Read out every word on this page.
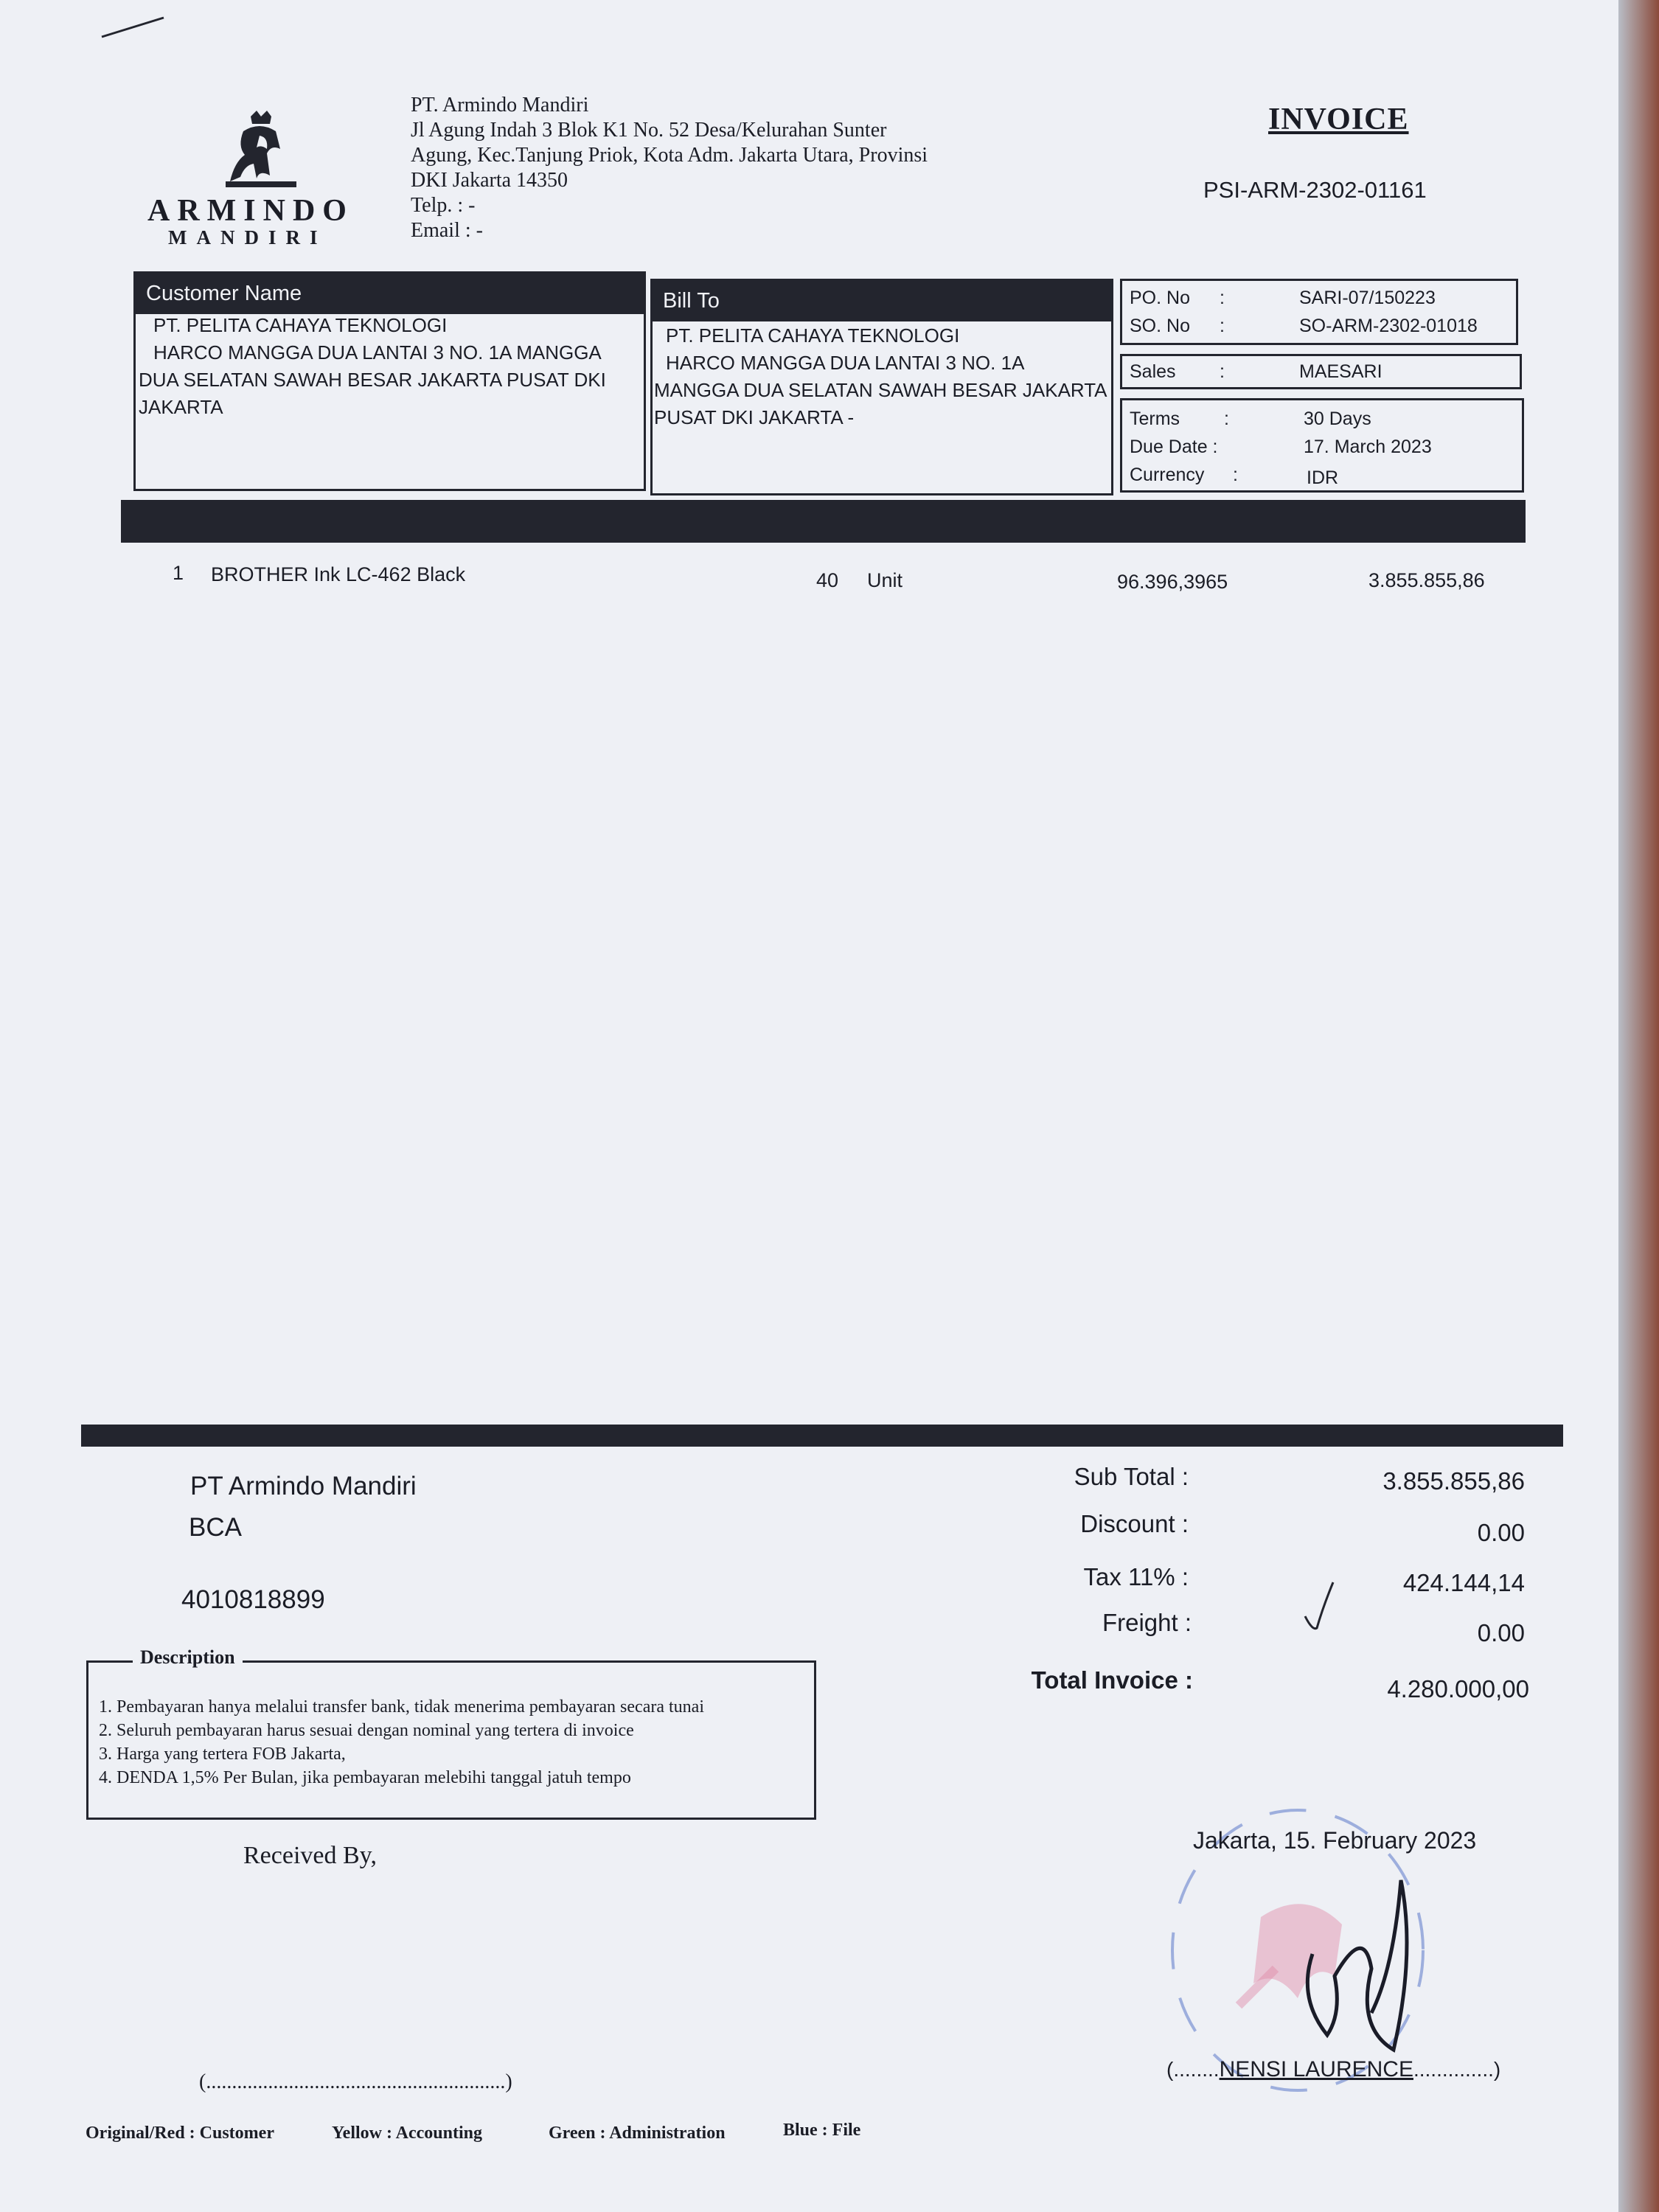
ARMINDO
MANDIRI
PT. Armindo Mandiri
Jl Agung Indah 3 Blok K1 No. 52 Desa/Kelurahan Sunter
Agung, Kec.Tanjung Priok, Kota Adm. Jakarta Utara, Provinsi
DKI Jakarta 14350
Telp. : -
Email : -
INVOICE
PSI-ARM-2302-01161
Customer Name
PT. PELITA CAHAYA TEKNOLOGI
HARCO MANGGA DUA LANTAI 3 NO. 1A MANGGA
DUA SELATAN SAWAH BESAR JAKARTA PUSAT DKI
JAKARTA
Bill To
PT. PELITA CAHAYA TEKNOLOGI
HARCO MANGGA DUA LANTAI 3 NO. 1A
MANGGA DUA SELATAN SAWAH BESAR JAKARTA
PUSAT DKI JAKARTA -
PO. No :	SARI-07/150223
SO. No :	SO-ARM-2302-01018
Sales :	MAESARI
Terms :	30 Days
Due Date :	17. March 2023
Currency :	IDR
1 BROTHER Ink LC-462 Black	40 Unit	96.396,3965	3.855.855,86
PT Armindo Mandiri
BCA
4010818899
Sub Total :	3.855.855,86
Discount :	0.00
Tax 11% :	424.144,14
Freight :	0.00
Total Invoice :	4.280.000,00
Description
1. Pembayaran hanya melalui transfer bank, tidak menerima pembayaran secara tunai
2. Seluruh pembayaran harus sesuai dengan nominal yang tertera di invoice
3. Harga yang tertera FOB Jakarta,
4. DENDA 1,5% Per Bulan, jika pembayaran melebihi tanggal jatuh tempo
Received By,
(..........................................................)
Jakarta, 15. February 2023
(........NENSI LAURENCE..............)
Original/Red : Customer	Yellow : Accounting	Green : Administration	Blue : File
